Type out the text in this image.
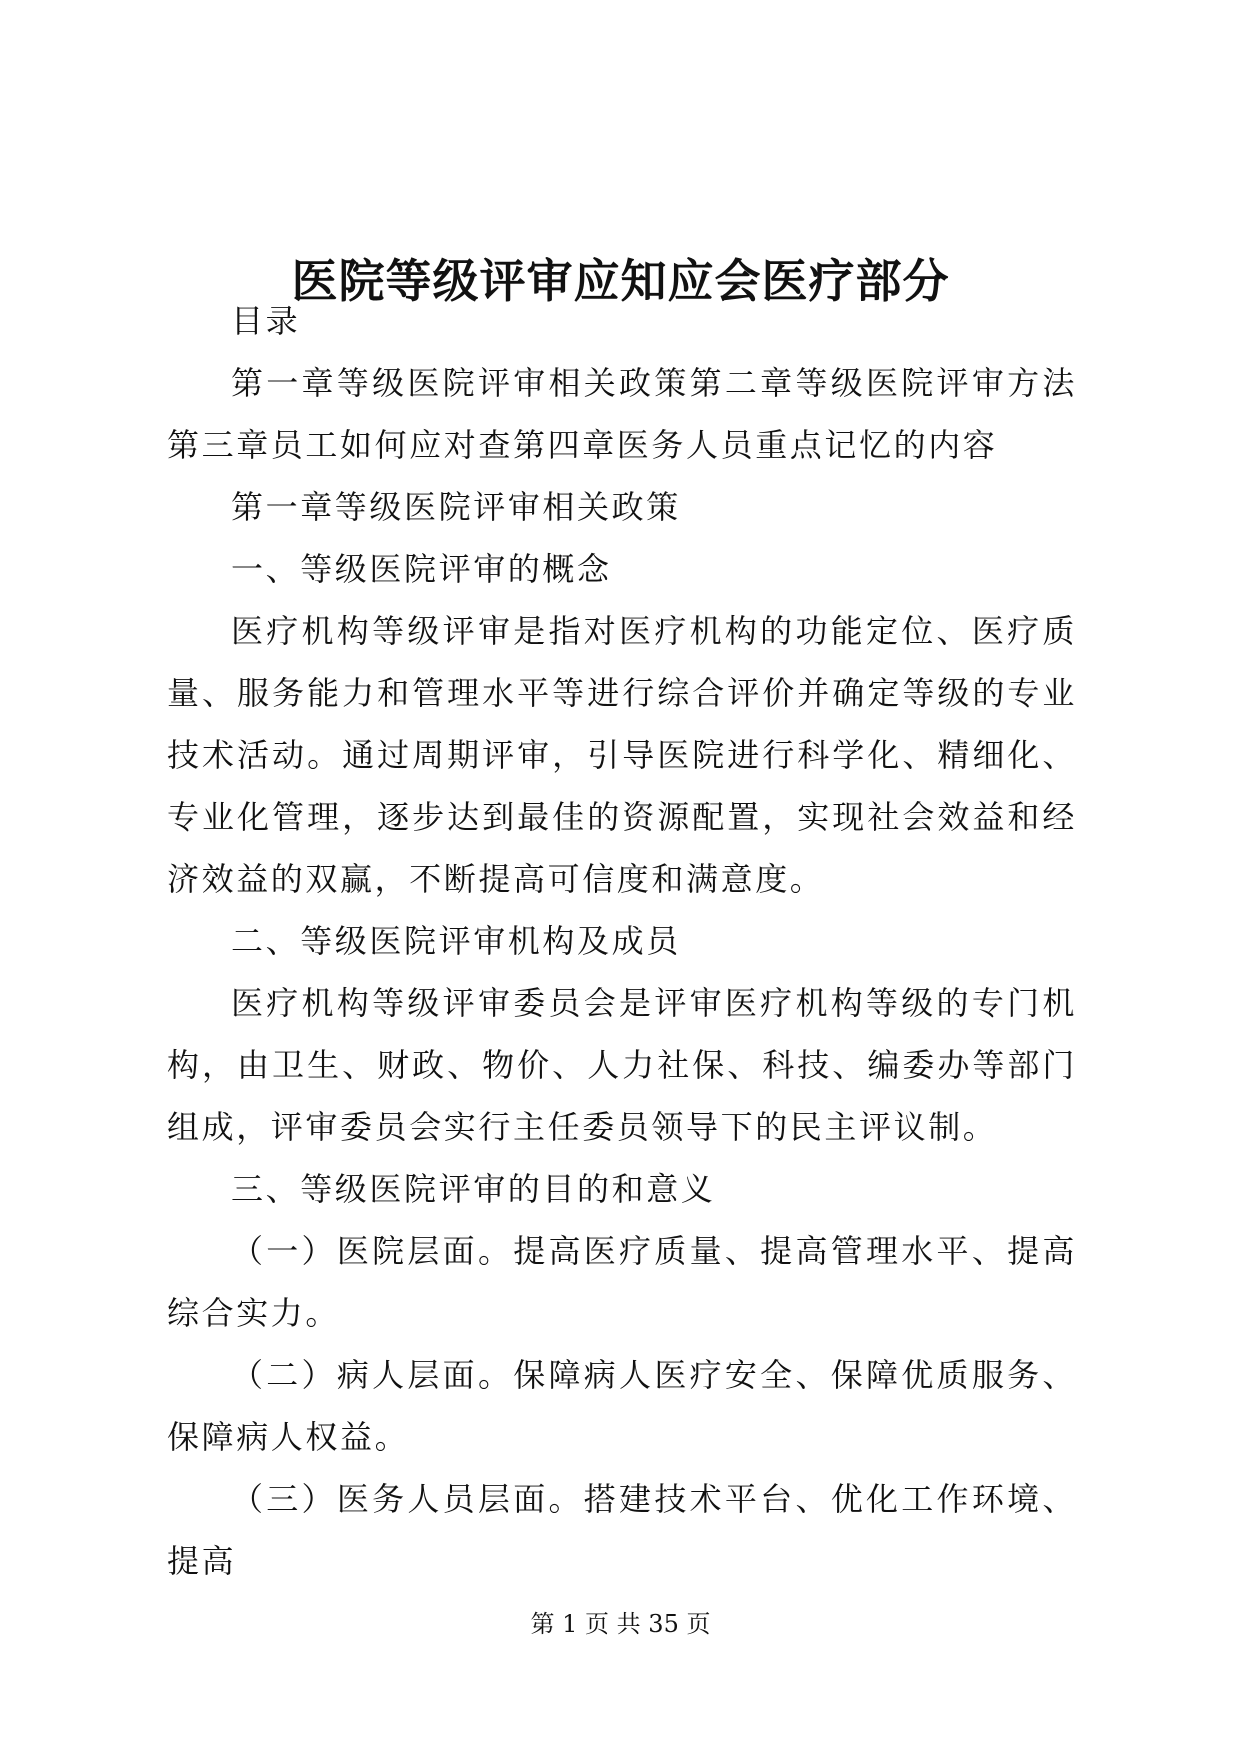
医院等级评审应知应会医疗部分

目录

第一章等级医院评审相关政策第二章等级医院评审方法第三章员工如何应对查第四章医务人员重点记忆的内容

第一章等级医院评审相关政策

一、等级医院评审的概念

医疗机构等级评审是指对医疗机构的功能定位、医疗质量、服务能力和管理水平等进行综合评价并确定等级的专业技术活动。通过周期评审，引导医院进行科学化、精细化、专业化管理，逐步达到最佳的资源配置，实现社会效益和经济效益的双赢，不断提高可信度和满意度。

二、等级医院评审机构及成员

医疗机构等级评审委员会是评审医疗机构等级的专门机构，由卫生、财政、物价、人力社保、科技、编委办等部门组成，评审委员会实行主任委员领导下的民主评议制。

三、等级医院评审的目的和意义

（一）医院层面。提高医疗质量、提高管理水平、提高综合实力。

（二）病人层面。保障病人医疗安全、保障优质服务、保障病人权益。

（三）医务人员层面。搭建技术平台、优化工作环境、提高

第 1 页 共 35 页
